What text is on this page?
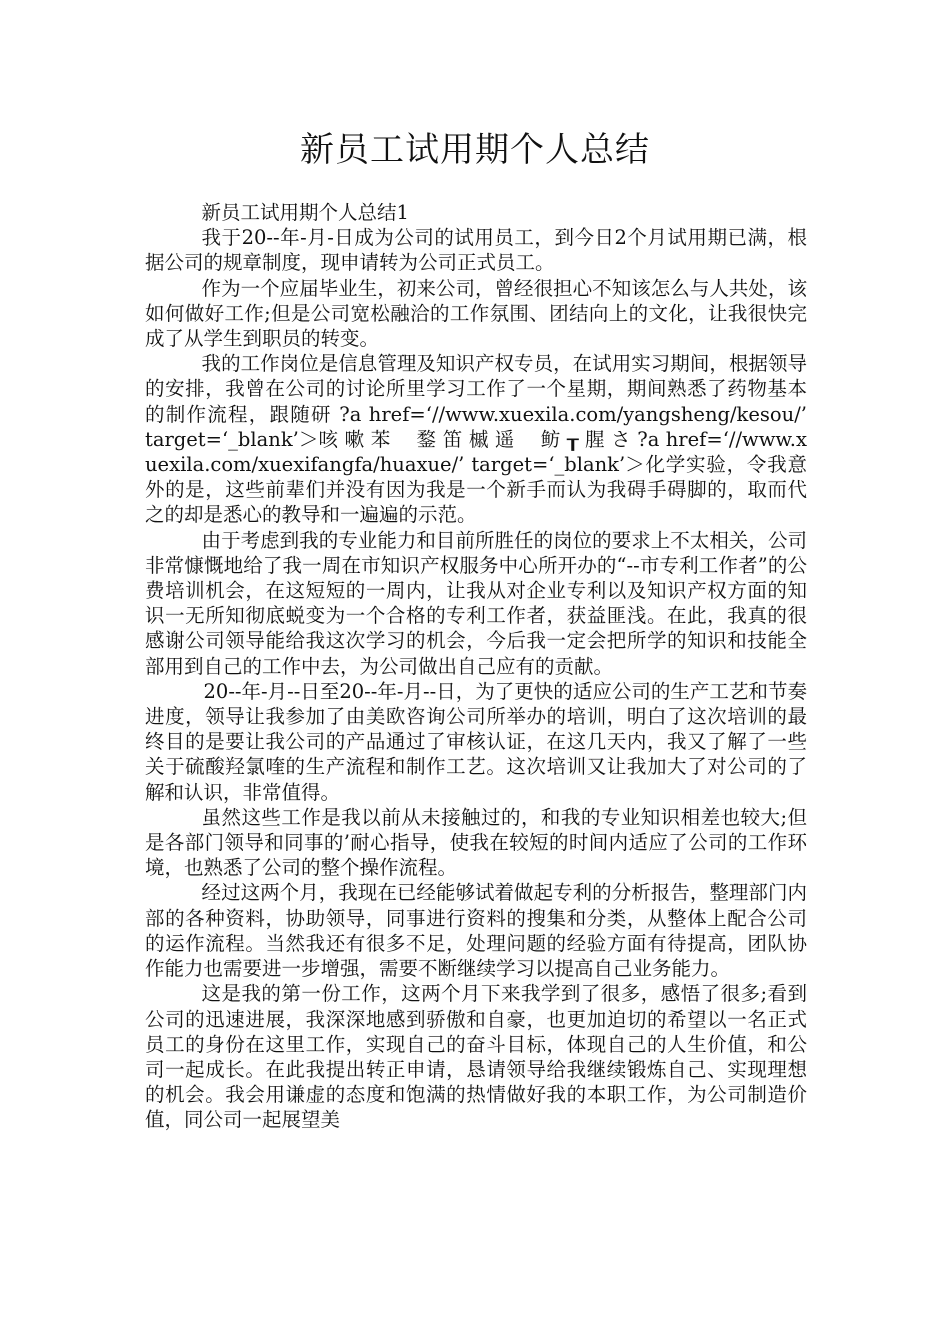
新员工试用期个人总结

新员工试用期个人总结1

我于20--年-月-日成为公司的试用员工，到今日2个月试用期已满，根据公司的规章制度，现申请转为公司正式员工。

作为一个应届毕业生，初来公司，曾经很担心不知该怎么与人共处，该如何做好工作;但是公司宽松融洽的工作氛围、团结向上的文化，让我很快完成了从学生到职员的转变。

我的工作岗位是信息管理及知识产权专员，在试用实习期间，根据领导的安排，我曾在公司的讨论所里学习工作了一个星期，期间熟悉了药物基本的制作流程，跟随研 ?a href=‘//www.xuexila.com/yangsheng/kesou/’ target=‘_blank’＞咳 嗽 苯　 鍪 笛 槭 遥　 鲂 ┰ 腥 さ ?a href=‘//www.xuexila.com/xuexifangfa/huaxue/’ target=‘_blank’＞化学实验，令我意外的是，这些前辈们并没有因为我是一个新手而认为我碍手碍脚的，取而代之的却是悉心的教导和一遍遍的示范。

由于考虑到我的专业能力和目前所胜任的岗位的要求上不太相关，公司非常慷慨地给了我一周在市知识产权服务中心所开办的“--市专利工作者”的公费培训机会，在这短短的一周内，让我从对企业专利以及知识产权方面的知识一无所知彻底蜕变为一个合格的专利工作者，获益匪浅。在此，我真的很感谢公司领导能给我这次学习的机会，今后我一定会把所学的知识和技能全部用到自己的工作中去，为公司做出自己应有的贡献。

20--年-月--日至20--年-月--日，为了更快的适应公司的生产工艺和节奏进度，领导让我参加了由美欧咨询公司所举办的培训，明白了这次培训的最终目的是要让我公司的产品通过了审核认证，在这几天内，我又了解了一些关于硫酸羟氯喹的生产流程和制作工艺。这次培训又让我加大了对公司的了解和认识，非常值得。

虽然这些工作是我以前从未接触过的，和我的专业知识相差也较大;但是各部门领导和同事的’耐心指导，使我在较短的时间内适应了公司的工作环境，也熟悉了公司的整个操作流程。

经过这两个月，我现在已经能够试着做起专利的分析报告，整理部门内部的各种资料，协助领导，同事进行资料的搜集和分类，从整体上配合公司的运作流程。当然我还有很多不足，处理问题的经验方面有待提高，团队协作能力也需要进一步增强，需要不断继续学习以提高自己业务能力。

这是我的第一份工作，这两个月下来我学到了很多，感悟了很多;看到公司的迅速进展，我深深地感到骄傲和自豪，也更加迫切的希望以一名正式员工的身份在这里工作，实现自己的奋斗目标，体现自己的人生价值，和公司一起成长。在此我提出转正申请，恳请领导给我继续锻炼自己、实现理想的机会。我会用谦虚的态度和饱满的热情做好我的本职工作，为公司制造价值，同公司一起展望美
